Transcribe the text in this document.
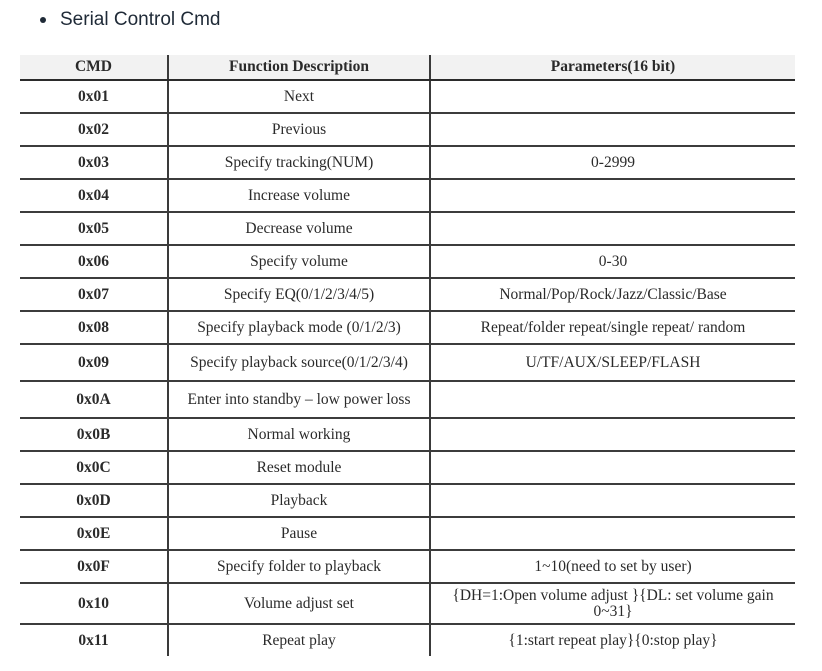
Serial Control Cmd
CMD	Function Description	Parameters(16 bit)
0x01	Next	
0x02	Previous	
0x03	Specify tracking(NUM)	0-2999
0x04	Increase volume	
0x05	Decrease volume	
0x06	Specify volume	0-30
0x07	Specify EQ(0/1/2/3/4/5)	Normal/Pop/Rock/Jazz/Classic/Base
0x08	Specify playback mode (0/1/2/3)	Repeat/folder repeat/single repeat/ random
0x09	Specify playback source(0/1/2/3/4)	U/TF/AUX/SLEEP/FLASH
0x0A	Enter into standby – low power loss	
0x0B	Normal working	
0x0C	Reset module	
0x0D	Playback	
0x0E	Pause	
0x0F	Specify folder to playback	1~10(need to set by user)
0x10	Volume adjust set	{DH=1:Open volume adjust }{DL: set volume gain 0~31}
0x11	Repeat play	{1:start repeat play}{0:stop play}
